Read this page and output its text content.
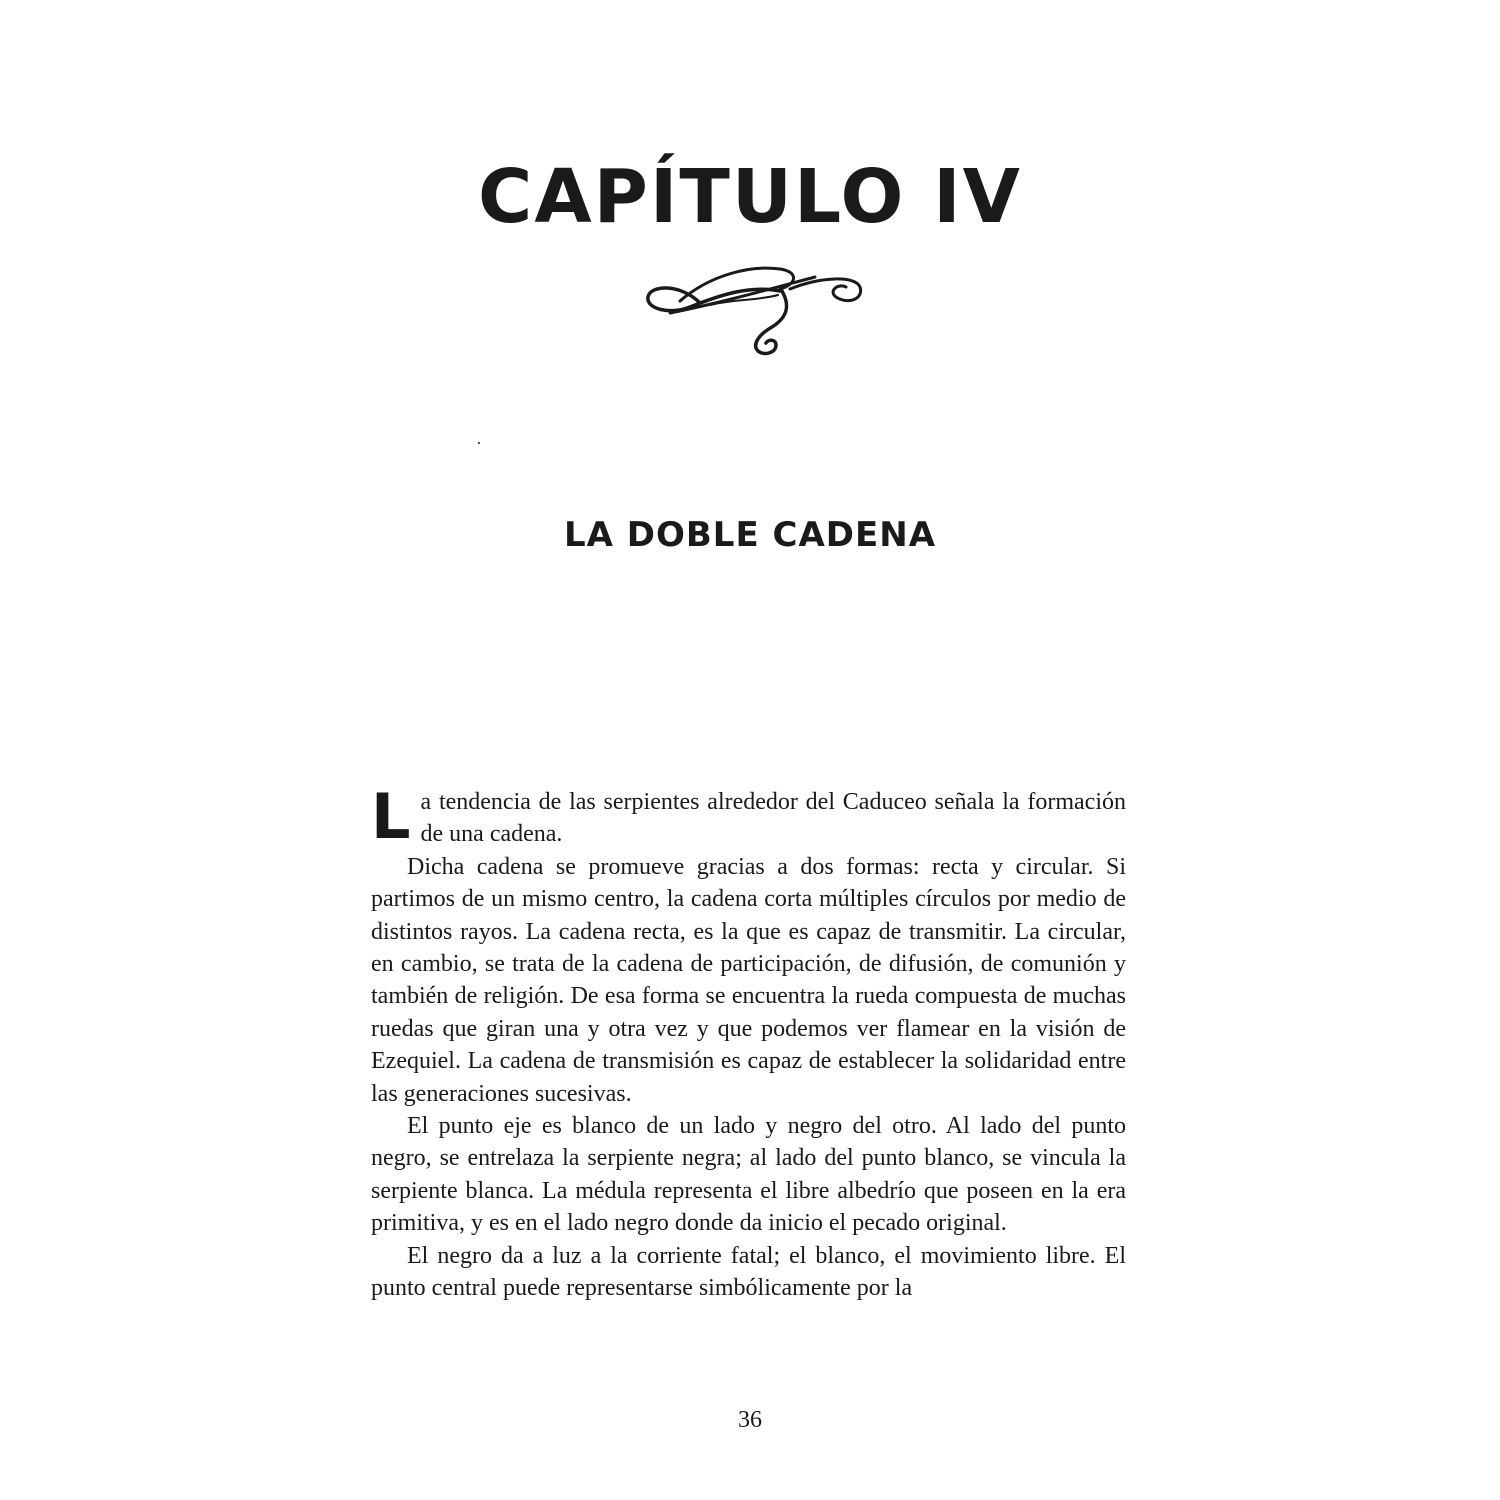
CAPÍTULO IV
LA DOBLE CADENA

L a tendencia de las serpientes alrededor del Caduceo señala la formación de una cadena.

Dicha cadena se promueve gracias a dos formas: recta y circular. Si partimos de un mismo centro, la cadena corta múltiples círculos por medio de distintos rayos. La cadena recta, es la que es capaz de transmitir. La circular, en cambio, se trata de la cadena de participación, de difusión, de comunión y también de religión. De esa forma se encuentra la rueda compuesta de muchas ruedas que giran una y otra vez y que podemos ver flamear en la visión de Ezequiel. La cadena de transmisión es capaz de establecer la solidaridad entre las generaciones sucesivas.

El punto eje es blanco de un lado y negro del otro. Al lado del punto negro, se entrelaza la serpiente negra; al lado del punto blanco, se vincula la serpiente blanca. La médula representa el libre albedrío que poseen en la era primitiva, y es en el lado negro donde da inicio el pecado original.

El negro da a luz a la corriente fatal; el blanco, el movimiento libre. El punto central puede representarse simbólicamente por la

36
